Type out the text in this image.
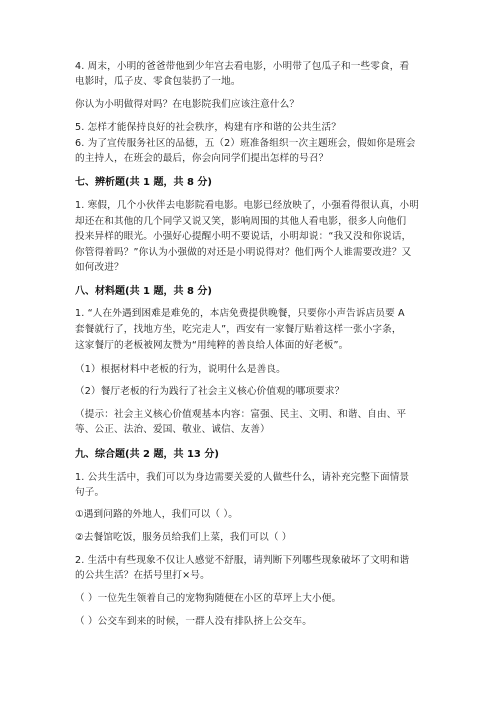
4. 周末，小明的爸爸带他到少年宫去看电影，小明带了包瓜子和一些零食，看
电影时，瓜子皮、零食包装扔了一地。
你认为小明做得对吗？在电影院我们应该注意什么？
5. 怎样才能保持良好的社会秩序，构建有序和谐的公共生活？
6. 为了宣传服务社区的品德，五（2）班准备组织一次主题班会，假如你是班会
的主持人，在班会的最后，你会向同学们提出怎样的号召？
七、辨析题(共 1 题，共 8 分)
1. 寒假，几个小伙伴去电影院看电影。电影已经放映了，小强看得很认真，小明
却还在和其他的几个同学又说又笑，影响周围的其他人看电影，很多人向他们
投来异样的眼光。小强好心提醒小明不要说话，小明却说：“我又没和你说话，
你管得着吗？”你认为小强做的对还是小明说得对？他们两个人谁需要改进？又
如何改进？
八、材料题(共 1 题，共 8 分)
1. “人在外遇到困难是难免的，本店免费提供晚餐，只要你小声告诉店员要 A
套餐就行了，找地方坐，吃完走人”，西安有一家餐厅贴着这样一张小字条，
这家餐厅的老板被网友赞为“用纯粹的善良给人体面的好老板”。
（1）根据材料中老板的行为，说明什么是善良。
（2）餐厅老板的行为践行了社会主义核心价值观的哪项要求？
（提示：社会主义核心价值观基本内容：富强、民主、文明、和谐、自由、平
等、公正、法治、爱国、敬业、诚信、友善）
九、综合题(共 2 题，共 13 分)
1. 公共生活中，我们可以为身边需要关爱的人做些什么，请补充完整下面情景
句子。
①遇到问路的外地人，我们可以（ ）。
②去餐馆吃饭，服务员给我们上菜，我们可以（ ）
2. 生活中有些现象不仅让人感觉不舒服，请判断下列哪些现象破坏了文明和谐
的公共生活？在括号里打×号。
（ ）一位先生领着自己的宠物狗随便在小区的草坪上大小便。
（ ）公交车到来的时候，一群人没有排队挤上公交车。
